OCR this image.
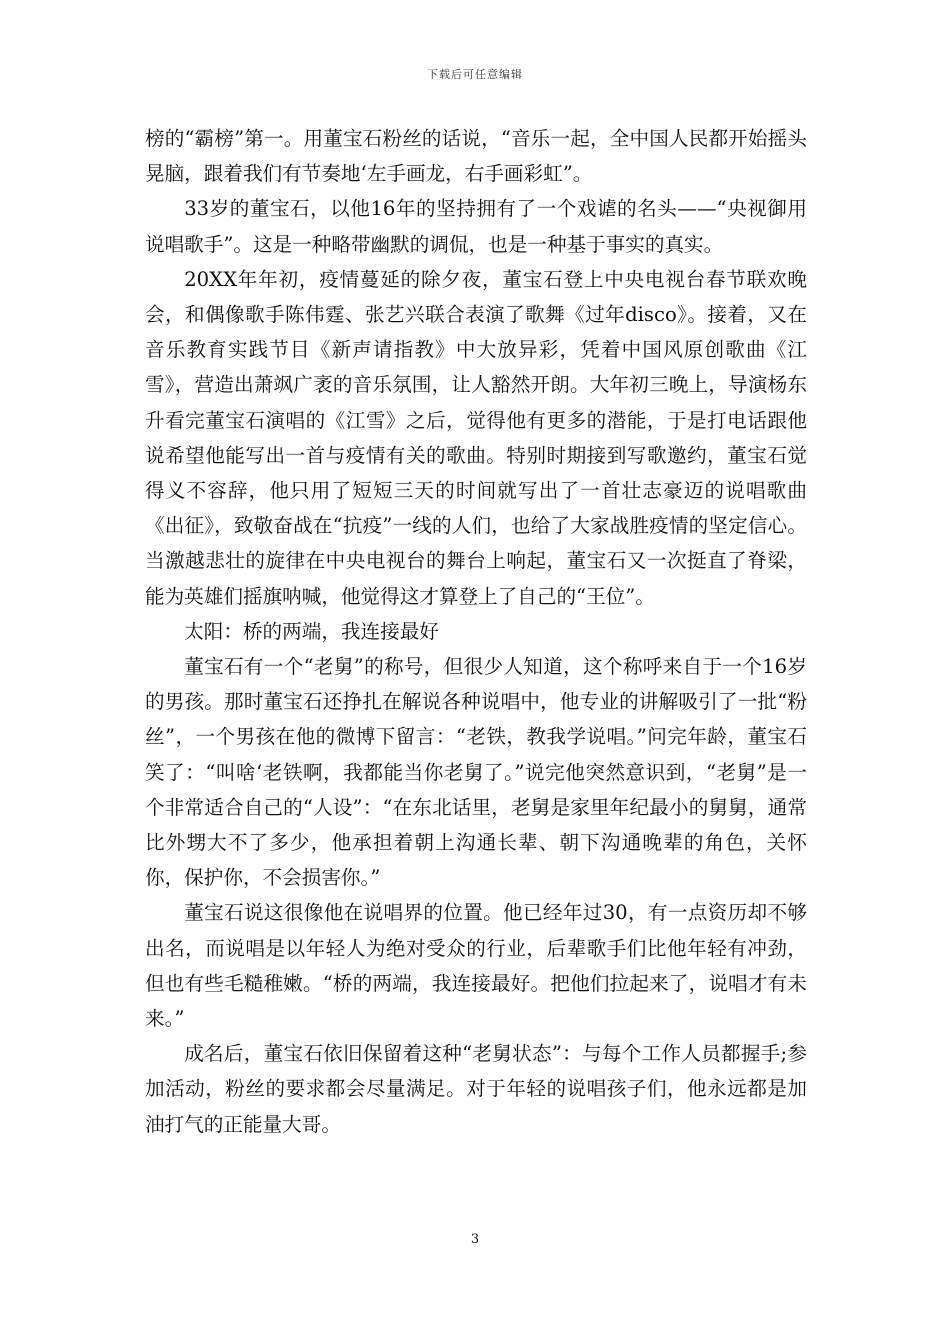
下载后可任意编辑

榜的“霸榜”第一。用董宝石粉丝的话说，“音乐一起，全中国人民都开始摇头晃脑，跟着我们有节奏地‘左手画龙，右手画彩虹”。

33岁的董宝石，以他16年的坚持拥有了一个戏谑的名头——“央视御用说唱歌手”。这是一种略带幽默的调侃，也是一种基于事实的真实。

20XX年年初，疫情蔓延的除夕夜，董宝石登上中央电视台春节联欢晚会，和偶像歌手陈伟霆、张艺兴联合表演了歌舞《过年disco》。接着，又在音乐教育实践节目《新声请指教》中大放异彩，凭着中国风原创歌曲《江雪》，营造出萧飒广袤的音乐氛围，让人豁然开朗。大年初三晚上，导演杨东升看完董宝石演唱的《江雪》之后，觉得他有更多的潜能，于是打电话跟他说希望他能写出一首与疫情有关的歌曲。特别时期接到写歌邀约，董宝石觉得义不容辞，他只用了短短三天的时间就写出了一首壮志豪迈的说唱歌曲《出征》，致敬奋战在“抗疫”一线的人们，也给了大家战胜疫情的坚定信心。当激越悲壮的旋律在中央电视台的舞台上响起，董宝石又一次挺直了脊梁，能为英雄们摇旗呐喊，他觉得这才算登上了自己的“王位”。

太阳：桥的两端，我连接最好

董宝石有一个“老舅”的称号，但很少人知道，这个称呼来自于一个16岁的男孩。那时董宝石还挣扎在解说各种说唱中，他专业的讲解吸引了一批“粉丝”，一个男孩在他的微博下留言：“老铁，教我学说唱。”问完年龄，董宝石笑了：“叫啥‘老铁啊，我都能当你老舅了。”说完他突然意识到，“老舅”是一个非常适合自己的“人设”：“在东北话里，老舅是家里年纪最小的舅舅，通常比外甥大不了多少，他承担着朝上沟通长辈、朝下沟通晚辈的角色，关怀你，保护你，不会损害你。”

董宝石说这很像他在说唱界的位置。他已经年过30，有一点资历却不够出名，而说唱是以年轻人为绝对受众的行业，后辈歌手们比他年轻有冲劲，但也有些毛糙稚嫩。“桥的两端，我连接最好。把他们拉起来了，说唱才有未来。”

成名后，董宝石依旧保留着这种“老舅状态”：与每个工作人员都握手;参加活动，粉丝的要求都会尽量满足。对于年轻的说唱孩子们，他永远都是加油打气的正能量大哥。

3
